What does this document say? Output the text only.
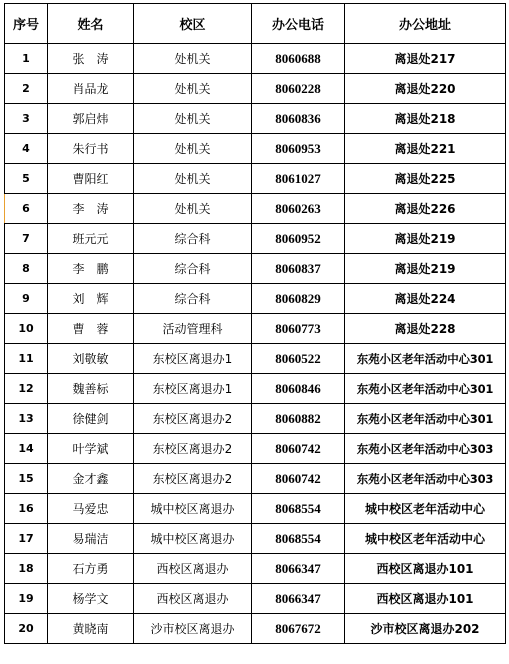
序号	姓名	校区	办公电话	办公地址
1	张　涛	处机关	8060688	离退处217
2	肖品龙	处机关	8060228	离退处220
3	郭启炜	处机关	8060836	离退处218
4	朱行书	处机关	8060953	离退处221
5	曹阳红	处机关	8061027	离退处225
6	李　涛	处机关	8060263	离退处226
7	班元元	综合科	8060952	离退处219
8	李　鹏	综合科	8060837	离退处219
9	刘　辉	综合科	8060829	离退处224
10	曹　蓉	活动管理科	8060773	离退处228
11	刘敬敏	东校区离退办1	8060522	东苑小区老年活动中心301
12	魏善标	东校区离退办1	8060846	东苑小区老年活动中心301
13	徐健剑	东校区离退办2	8060882	东苑小区老年活动中心301
14	叶学斌	东校区离退办2	8060742	东苑小区老年活动中心303
15	金才鑫	东校区离退办2	8060742	东苑小区老年活动中心303
16	马爱忠	城中校区离退办	8068554	城中校区老年活动中心
17	易瑞洁	城中校区离退办	8068554	城中校区老年活动中心
18	石方勇	西校区离退办	8066347	西校区离退办101
19	杨学文	西校区离退办	8066347	西校区离退办101
20	黄晓南	沙市校区离退办	8067672	沙市校区离退办202
